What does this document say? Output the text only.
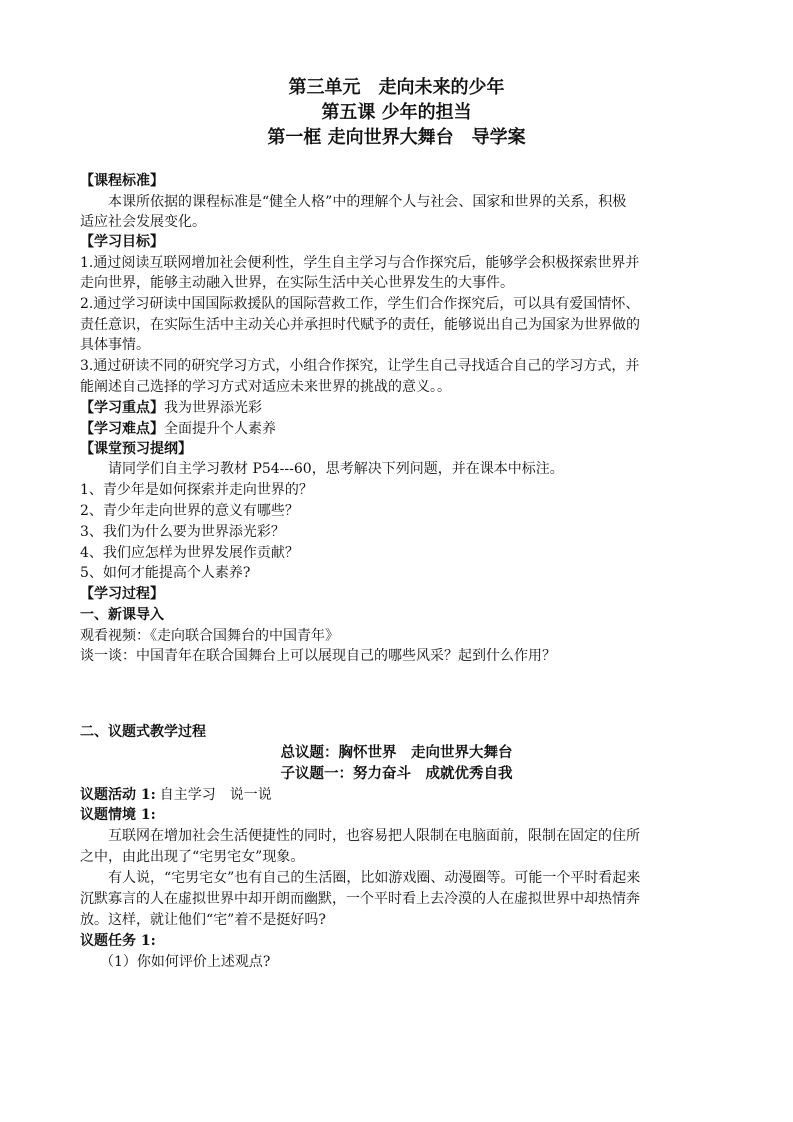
第三单元　走向未来的少年
第五课 少年的担当
第一框 走向世界大舞台　导学案
【课程标准】
本课所依据的课程标准是“健全人格”中的理解个人与社会、国家和世界的关系，积极
适应社会发展变化。
【学习目标】
1.通过阅读互联网增加社会便利性，学生自主学习与合作探究后，能够学会积极探索世界并
走向世界，能够主动融入世界，在实际生活中关心世界发生的大事件。
2.通过学习研读中国国际救援队的国际营救工作，学生们合作探究后，可以具有爱国情怀、
责任意识，在实际生活中主动关心并承担时代赋予的责任，能够说出自己为国家为世界做的
具体事情。
3.通过研读不同的研究学习方式，小组合作探究，让学生自己寻找适合自己的学习方式，并
能阐述自己选择的学习方式对适应未来世界的挑战的意义。。
【学习重点】我为世界添光彩
【学习难点】全面提升个人素养
【课堂预习提纲】
请同学们自主学习教材 P54---60，思考解决下列问题，并在课本中标注。
1、青少年是如何探索并走向世界的？
2、青少年走向世界的意义有哪些？
3、我们为什么要为世界添光彩？
4、我们应怎样为世界发展作贡献？
5、如何才能提高个人素养?
【学习过程】
一、新课导入
观看视频：《走向联合国舞台的中国青年》
谈一谈：中国青年在联合国舞台上可以展现自己的哪些风采？起到什么作用？
二、议题式教学过程
总议题：胸怀世界　走向世界大舞台
子议题一：努力奋斗　成就优秀自我
议题活动 1: 自主学习　说一说
议题情境 1:
互联网在增加社会生活便捷性的同时，也容易把人限制在电脑面前，限制在固定的住所
之中，由此出现了“宅男宅女”现象。
有人说，“宅男宅女”也有自己的生活圈，比如游戏圈、动漫圈等。可能一个平时看起来
沉默寡言的人在虚拟世界中却开朗而幽默，一个平时看上去冷漠的人在虚拟世界中却热情奔
放。这样，就让他们“宅”着不是挺好吗?
议题任务 1:
（1）你如何评价上述观点?
